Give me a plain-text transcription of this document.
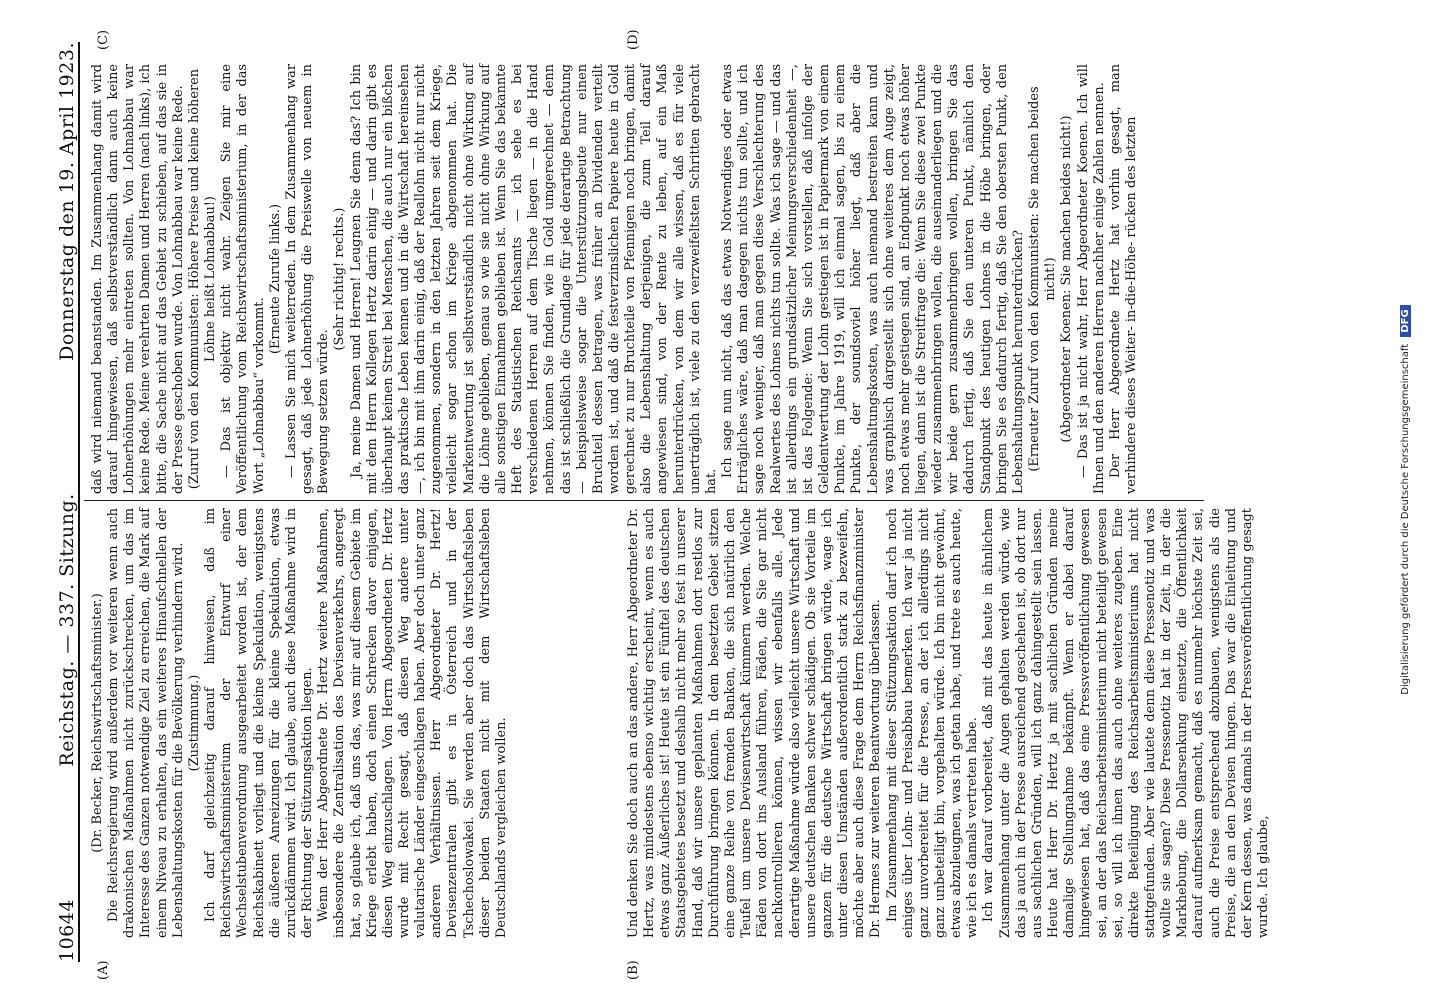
10644
Reichstag. — 337. Sitzung.
Donnerstag den 19. April 1923.
(A)	(B)
(C)	(D)

(Dr. Becker, Reichswirtschaftsminister.) Die Reichsregierung wird außerdem vor weiteren wenn auch drakonischen Maßnahmen nicht zurückschrecken, um das im Interesse des Ganzen notwendige Ziel zu erreichen, die Mark auf einem Niveau zu erhalten, das ein weiteres Hinaufschnellen der Lebenshaltungskosten für die Bevölkerung verhindern wird. (Zustimmung.) Ich darf gleichzeitig darauf hinweisen, daß im Reichswirtschaftsministerium der Entwurf einer Wechselstubenverordnung ausgearbeitet worden ist, der dem Reichskabinett vorliegt und die kleine Spekulation, wenigstens die äußeren Anreizungen für die kleine Spekulation, etwas zurückdämmen wird. Ich glaube, auch diese Maßnahme wird in der Richtung der Stützungsaktion liegen. Wenn der Herr Abgeordnete Dr. Hertz weitere Maßnahmen, insbesondere die Zentralisation des Devisenverkehrs, angeregt hat, so glaube ich, daß uns das, was mir auf diesem Gebiete im Kriege erlebt haben, doch einen Schrecken davor einjagen, diesen Weg einzuschlagen. Von Herrn Abgeordneten Dr. Hertz wurde mit Recht gesagt, daß diesen Weg andere unter valutarische Länder eingeschlagen haben. Aber doch unter ganz anderen Verhältnissen. Herr Abgeordneter Dr. Hertz! Devisenzentralen gibt es in Österreich und in der Tschechoslowakei. Sie werden aber doch das Wirtschaftsleben dieser beiden Staaten nicht mit dem Wirtschaftsleben Deutschlands vergleichen wollen.	Und denken Sie doch auch an das andere, Herr Abgeordneter Dr. Hertz, was mindestens ebenso wichtig erscheint, wenn es auch etwas ganz Äußerliches ist! Heute ist ein Fünftel des deutschen Staatsgebietes besetzt und deshalb nicht mehr so fest in unserer Hand, daß wir unsere geplanten Maßnahmen dort restlos zur Durchführung bringen können. In dem besetzten Gebiet sitzen eine ganze Reihe von fremden Banken, die sich natürlich den Teufel um unsere Devisenwirtschaft kümmern werden. Welche Fäden von dort ins Ausland führen, Fäden, die Sie gar nicht nachkontrollieren können, wissen wir ebenfalls alle. Jede derartige Maßnahme würde also vielleicht unsere Wirtschaft und unsere deutschen Banken schwer schädigen. Ob sie Vorteile im ganzen für die deutsche Wirtschaft bringen würde, wage ich unter diesen Umständen außerordentlich stark zu bezweifeln, möchte aber auch diese Frage dem Herrn Reichsfinanzminister Dr. Hermes zur weiteren Beantwortung überlassen. Im Zusammenhang mit dieser Stützungsaktion darf ich noch einiges über Lohn- und Preisabbau bemerken. Ich war ja nicht ganz unvorbereitet für die Presse, an der ich allerdings nicht ganz unbeteiligt bin, vorgehalten würde. Ich bin nicht gewöhnt, etwas abzuleugnen, was ich getan habe, und trete es auch heute, wie ich es damals vertreten habe. Ich war darauf vorbereitet, daß mit das heute in ähnlichem Zusammenhang unter die Augen gehalten werden würde, wie das ja auch in der Presse ausreichend geschehen ist, ob dort nur aus sachlichen Gründen, will ich ganz dahingestellt sein lassen. Heute hat Herr Dr. Hertz ja mit sachlichen Gründen meine damalige Stellungnahme bekämpft. Wenn er dabei darauf hingewiesen hat, daß das eine Pressveröffentlichung gewesen sei, an der das Reichsarbeitsministerium nicht beteiligt gewesen sei, so will ich ihnen das auch ohne weiteres zugeben. Eine direkte Beteiligung des Reichsarbeitsministeriums hat nicht stattgefunden. Aber wie lautete denn diese Pressenotiz und was wollte sie sagen? Diese Pressenotiz hat in der Zeit, in der die Markhebung, die Dollarsenkung einsetzte, die Öffentlichkeit darauf aufmerksam gemacht, daß es nunmehr höchste Zeit sei, auch die Preise entsprechend abzubauen, wenigstens als die Preise, die an den Devisen hingen. Das war die Einleitung und der Kern dessen, was damals in der Pressveröffentlichung gesagt wurde. Ich glaube,

daß wird niemand beanstanden. Im Zusammenhang damit wird darauf hingewiesen, daß selbstverständlich dann auch keine Lohnerhöhungen mehr eintreten sollten. Von Lohnabbau war keine Rede. Meine verehrten Damen und Herren (nach links), ich bitte, die Sache nicht auf das Gebiet zu schieben, auf das sie in der Presse geschoben wurde. Von Lohnabbau war keine Rede. (Zuruf von den Kommunisten: Höhere Preise und keine höheren Löhne heißt Lohnabbau!) — Das ist objektiv nicht wahr. Zeigen Sie mir eine Veröffentlichung vom Reichswirtschaftsministerium, in der das Wort „Lohnabbau“ vorkommt.

(Erneute Zurufe links.) — Lassen Sie mich weiterreden. In dem Zusammenhang war gesagt, daß jede Lohnerhöhung die Preiswelle von neuem in Bewegung setzen würde.

(Sehr richtig! rechts.) Ja, meine Damen und Herren! Leugnen Sie denn das? Ich bin mit dem Herrn Kollegen Hertz darin einig — und darin gibt es überhaupt keinen Streit bei Menschen, die auch nur ein bißchen das praktische Leben kennen und in die Wirtschaft hereinsehen —, ich bin mit ihm darin einig, daß der Reallohn nicht nur nicht zugenommen, sondern in den letzten Jahren seit dem Kriege, vielleicht sogar schon im Kriege abgenommen hat. Die Markentwertung ist selbstverständlich nicht ohne Wirkung auf die Löhne geblieben, genau so wie sie nicht ohne Wirkung auf alle sonstigen Einnahmen geblieben ist. Wenn Sie das bekannte Heft des Statistischen Reichsamts — ich sehe es bei verschiedenen Herren auf dem Tische liegen — in die Hand nehmen, können Sie finden, wie in Gold umgerechnet — denn das ist schließlich die Grundlage für jede derartige Betrachtung — beispielsweise sogar die Unterstützungsbeute nur einen Bruchteil dessen betragen, was früher an Dividenden verteilt worden ist, und daß die festverzinslichen Papiere heute in Gold gerechnet zu nur Bruchteile von Pfennigen noch bringen, damit also die Lebenshaltung derjenigen, die zum Teil darauf angewiesen sind, von der Rente zu leben, auf ein Maß herunterdrücken, von dem wir alle wissen, daß es für viele unerträglich ist, viele zu den verzweifeltsten Schritten gebracht hat.

Ich sage nun nicht, daß das etwas Notwendiges oder etwas Erträgliches wäre, daß man dagegen nichts tun sollte, und ich sage noch weniger, daß man gegen diese Verschlechterung des Realwertes des Lohnes nichts tun sollte. Was ich sage — und das ist allerdings ein grundsätzlicher Meinungsverschiedenheit —, ist das Folgende: Wenn Sie sich vorstellen, daß infolge der Geldentwertung der Lohn gestiegen ist in Papiermark von einem Punkte, im Jahre 1919, will ich einmal sagen, bis zu einem Punkte, der soundsoviel höher liegt, daß aber die Lebenshaltungskosten, was auch niemand bestreiten kann und was graphisch dargestellt sich ohne weiteres dem Auge zeigt, noch etwas mehr gestiegen sind, an Endpunkt noch etwas höher liegen, dann ist die Streitfrage die: Wenn Sie diese zwei Punkte wieder zusammenbringen wollen, die auseinanderliegen und die wir beide gern zusammenbringen wollen, bringen Sie das dadurch fertig, daß Sie den unteren Punkt, nämlich den Standpunkt des heutigen Lohnes in die Höhe bringen, oder bringen Sie es dadurch fertig, daß Sie den obersten Punkt, den Lebenshaltungspunkt herunterdrücken? (Erneuter Zuruf von den Kommunisten: Sie machen beides nicht!) (Abgeordneter Koenen: Sie machen beides nicht!) — Das ist ja nicht wahr, Herr Abgeordneter Koenen. Ich will Ihnen und den anderen Herren nachher einige Zahlen nennen. Der Herr Abgeordnete Hertz hat vorhin gesagt, man verhindere dieses Weiter- in-die-Höhe- rücken des letzten

Digitalisierung gefördert durch die Deutsche Forschungsgemeinschaft DFG
